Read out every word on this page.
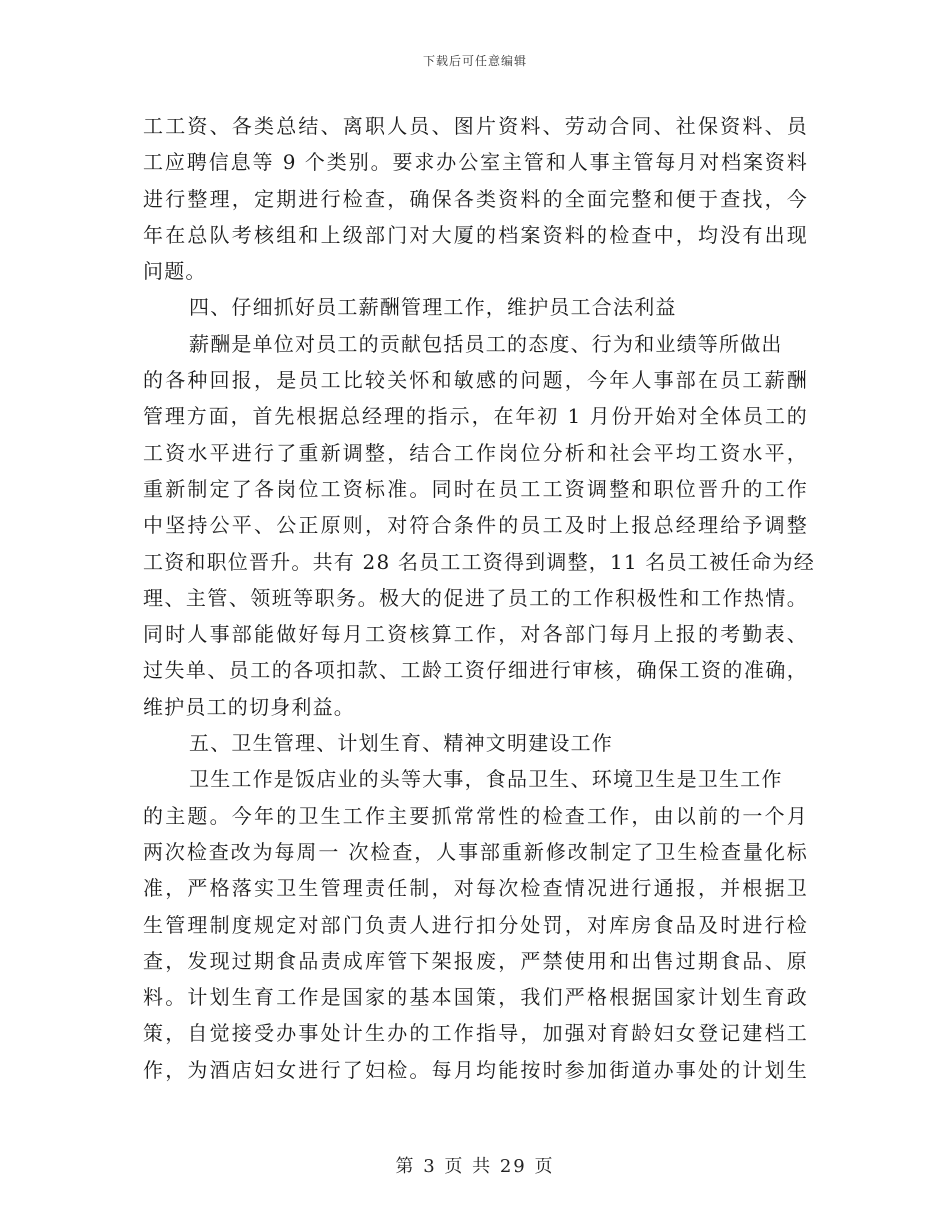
下载后可任意编辑
工工资、各类总结、离职人员、图片资料、劳动合同、社保资料、员
工应聘信息等 9 个类别。要求办公室主管和人事主管每月对档案资料
进行整理，定期进行检查，确保各类资料的全面完整和便于查找，今
年在总队考核组和上级部门对大厦的档案资料的检查中，均没有出现
问题。
四、仔细抓好员工薪酬管理工作，维护员工合法利益
薪酬是单位对员工的贡献包括员工的态度、行为和业绩等所做出
的各种回报，是员工比较关怀和敏感的问题，今年人事部在员工薪酬
管理方面，首先根据总经理的指示，在年初 1 月份开始对全体员工的
工资水平进行了重新调整，结合工作岗位分析和社会平均工资水平，
重新制定了各岗位工资标准。同时在员工工资调整和职位晋升的工作
中坚持公平、公正原则，对符合条件的员工及时上报总经理给予调整
工资和职位晋升。共有 28 名员工工资得到调整，11 名员工被任命为经
理、主管、领班等职务。极大的促进了员工的工作积极性和工作热情。
同时人事部能做好每月工资核算工作，对各部门每月上报的考勤表、
过失单、员工的各项扣款、工龄工资仔细进行审核，确保工资的准确，
维护员工的切身利益。
五、卫生管理、计划生育、精神文明建设工作
卫生工作是饭店业的头等大事，食品卫生、环境卫生是卫生工作
的主题。今年的卫生工作主要抓常常性的检查工作，由以前的一个月
两次检查改为每周一 次检查，人事部重新修改制定了卫生检查量化标
准，严格落实卫生管理责任制，对每次检查情况进行通报，并根据卫
生管理制度规定对部门负责人进行扣分处罚，对库房食品及时进行检
查，发现过期食品责成库管下架报废，严禁使用和出售过期食品、原
料。计划生育工作是国家的基本国策，我们严格根据国家计划生育政
策，自觉接受办事处计生办的工作指导，加强对育龄妇女登记建档工
作，为酒店妇女进行了妇检。每月均能按时参加街道办事处的计划生
第 3 页 共 29 页
